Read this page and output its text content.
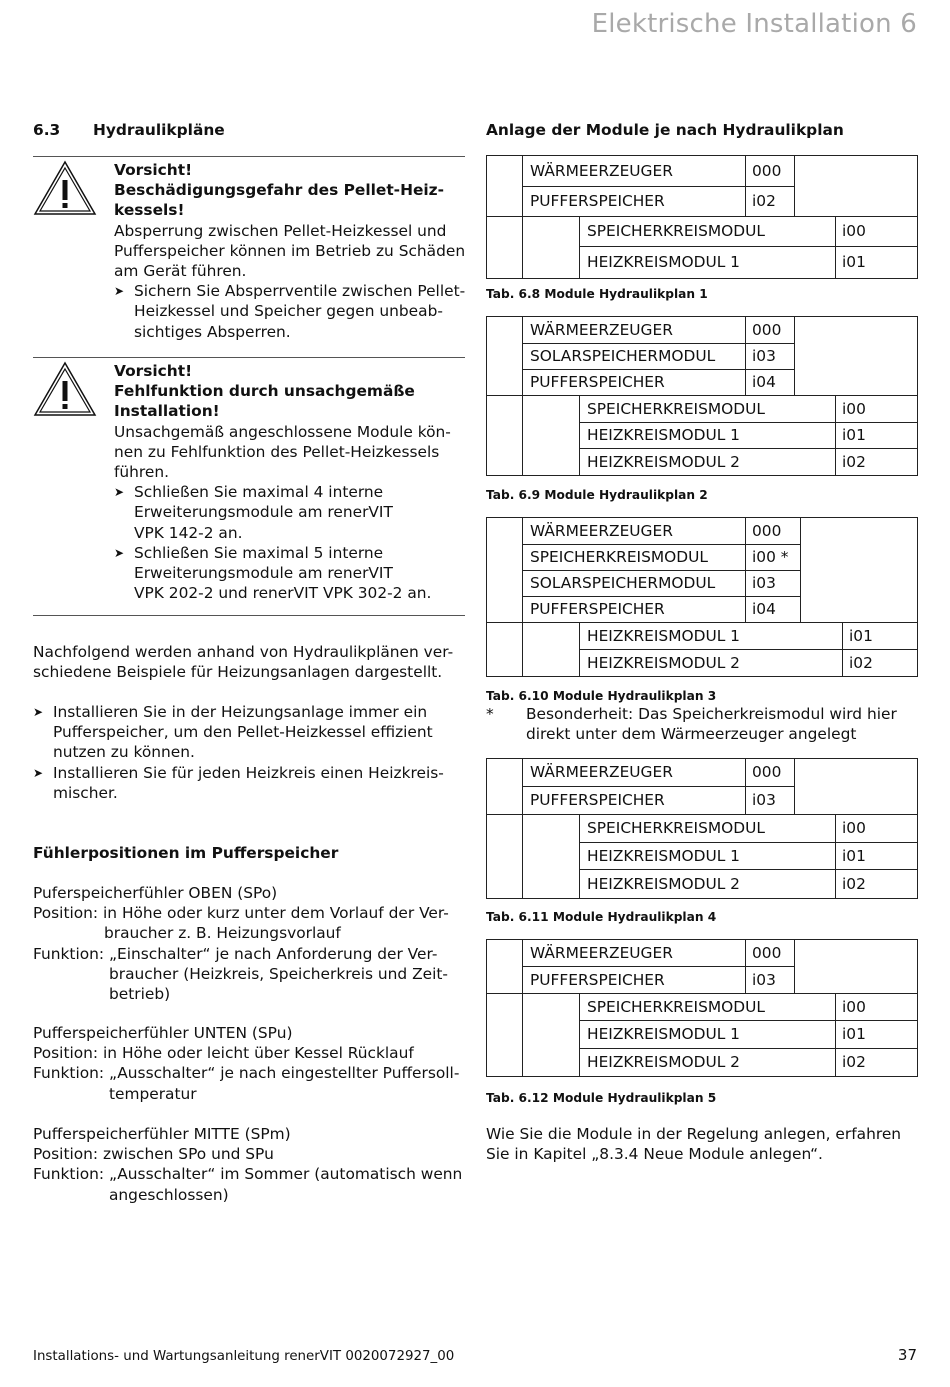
Elektrische Installation 6
6.3 Hydraulikpläne
Vorsicht!
Beschädigungsgefahr des Pellet-Heiz-
kessels!
Absperrung zwischen Pellet-Heizkessel und
Pufferspeicher können im Betrieb zu Schäden
am Gerät führen.
➤ Sichern Sie Absperrventile zwischen Pellet-
Heizkessel und Speicher gegen unbeab-
sichtiges Absperren.
Vorsicht!
Fehlfunktion durch unsachgemäße
Installation!
Unsachgemäß angeschlossene Module kön-
nen zu Fehlfunktion des Pellet-Heizkessels
führen.
➤ Schließen Sie maximal 4 interne
Erweiterungsmodule am renerVIT
VPK 142-2 an.
➤ Schließen Sie maximal 5 interne
Erweiterungsmodule am renerVIT
VPK 202-2 und renerVIT VPK 302-2 an.
Nachfolgend werden anhand von Hydraulikplänen ver-
schiedene Beispiele für Heizungsanlagen dargestellt.
➤ Installieren Sie in der Heizungsanlage immer ein
Pufferspeicher, um den Pellet-Heizkessel effizient
nutzen zu können.
➤ Installieren Sie für jeden Heizkreis einen Heizkreis-
mischer.
Fühlerpositionen im Pufferspeicher
Puferspeicherfühler OBEN (SPo)
Position: in Höhe oder kurz unter dem Vorlauf der Ver-
braucher z. B. Heizungsvorlauf
Funktion: „Einschalter“ je nach Anforderung der Ver-
braucher (Heizkreis, Speicherkreis und Zeit-
betrieb)
Pufferspeicherfühler UNTEN (SPu)
Position: in Höhe oder leicht über Kessel Rücklauf
Funktion: „Ausschalter“ je nach eingestellter Puffersoll-
temperatur
Pufferspeicherfühler MITTE (SPm)
Position: zwischen SPo und SPu
Funktion: „Ausschalter“ im Sommer (automatisch wenn
angeschlossen)
Anlage der Module je nach Hydraulikplan
WÄRMEERZEUGER	000
PUFFERSPEICHER	i02
SPEICHERKREISMODUL	i00
HEIZKREISMODUL 1	i01
Tab. 6.8 Module Hydraulikplan 1
WÄRMEERZEUGER	000
SOLARSPEICHERMODUL	i03
PUFFERSPEICHER	i04
SPEICHERKREISMODUL	i00
HEIZKREISMODUL 1	i01
HEIZKREISMODUL 2	i02
Tab. 6.9 Module Hydraulikplan 2
WÄRMEERZEUGER	000
SPEICHERKREISMODUL	i00 *
SOLARSPEICHERMODUL	i03
PUFFERSPEICHER	i04
HEIZKREISMODUL 1	i01
HEIZKREISMODUL 2	i02
Tab. 6.10 Module Hydraulikplan 3
*	Besonderheit: Das Speicherkreismodul wird hier
direkt unter dem Wärmeerzeuger angelegt
WÄRMEERZEUGER	000
PUFFERSPEICHER	i03
SPEICHERKREISMODUL	i00
HEIZKREISMODUL 1	i01
HEIZKREISMODUL 2	i02
Tab. 6.11 Module Hydraulikplan 4
WÄRMEERZEUGER	000
PUFFERSPEICHER	i03
SPEICHERKREISMODUL	i00
HEIZKREISMODUL 1	i01
HEIZKREISMODUL 2	i02
Tab. 6.12 Module Hydraulikplan 5
Wie Sie die Module in der Regelung anlegen, erfahren
Sie in Kapitel „8.3.4 Neue Module anlegen“.
Installations- und Wartungsanleitung renerVIT 0020072927_00	37
